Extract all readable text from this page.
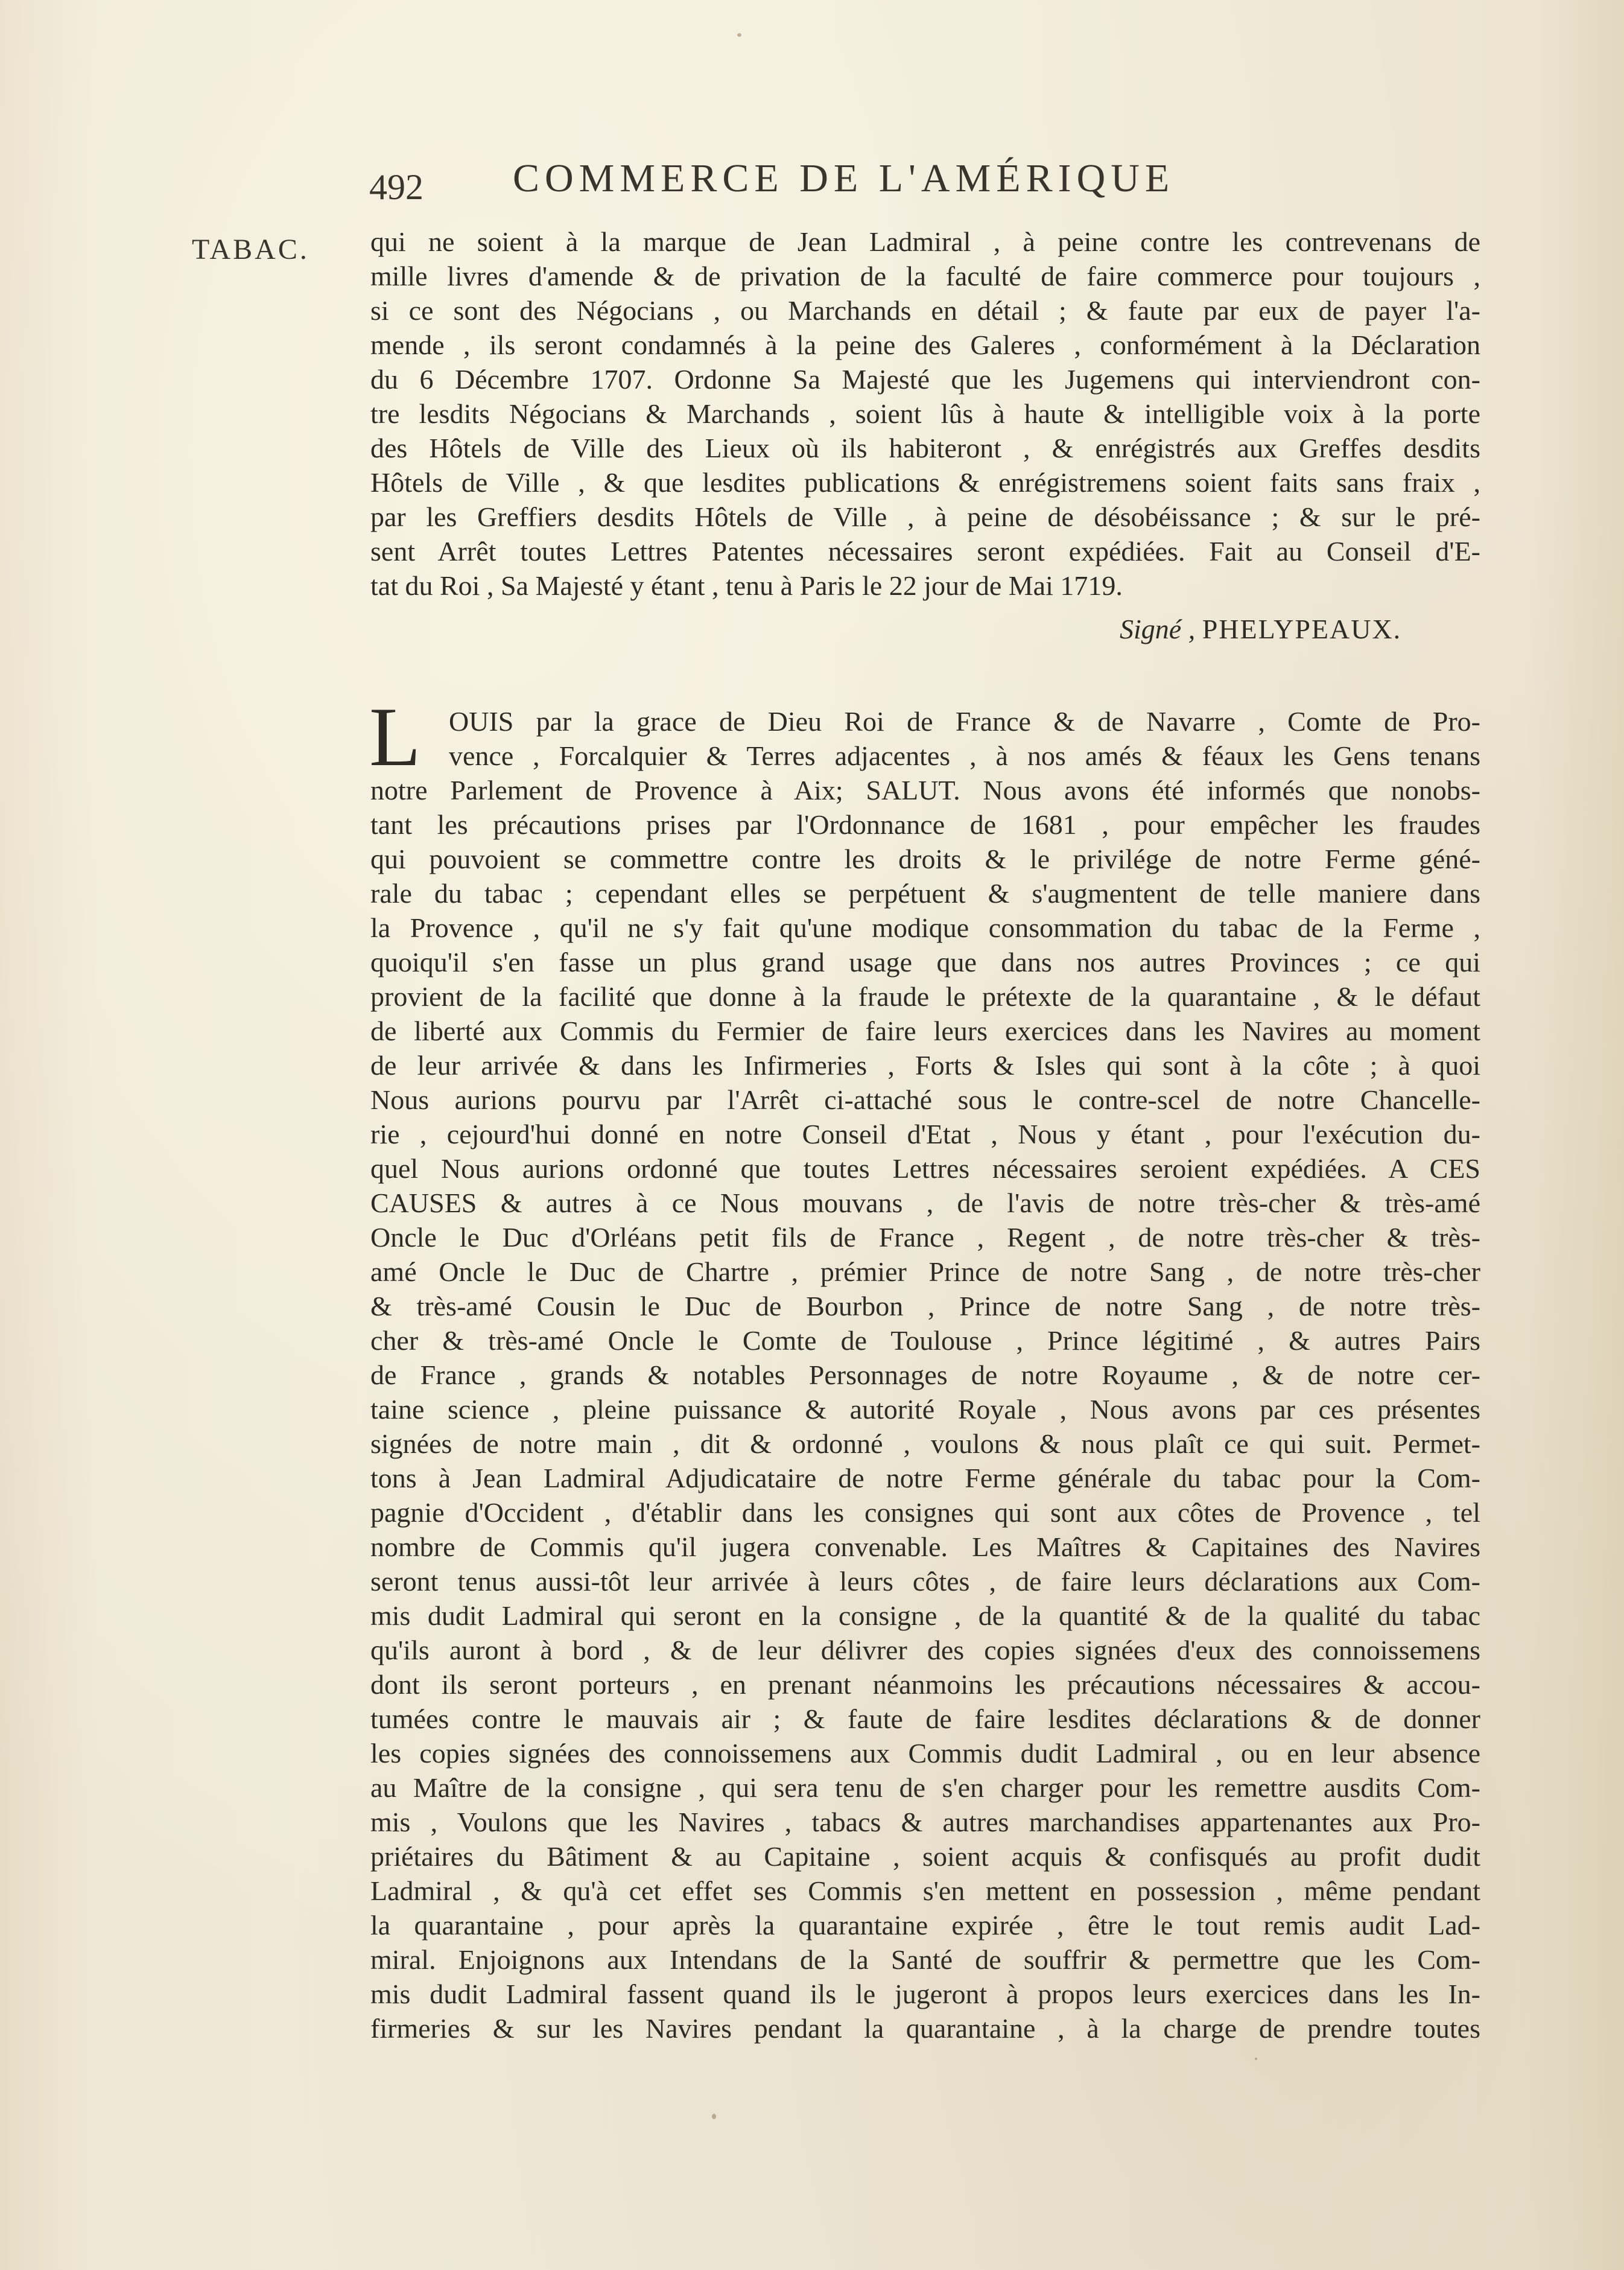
492 COMMERCE DE L'AMÉRIQUE
TABAC. qui ne soient à la marque de Jean Ladmiral , à peine contre les contrevenans de
mille livres d'amende & de privation de la faculté de faire commerce pour toujours ,
si ce sont des Négocians , ou Marchands en détail ; & faute par eux de payer l'a-
mende , ils seront condamnés à la peine des Galeres , conformément à la Déclaration
du 6 Décembre 1707. Ordonne Sa Majesté que les Jugemens qui interviendront con-
tre lesdits Négocians & Marchands , soient lûs à haute & intelligible voix à la porte
des Hôtels de Ville des Lieux où ils habiteront , & enrégistrés aux Greffes desdits
Hôtels de Ville , & que lesdites publications & enrégistremens soient faits sans fraix ,
par les Greffiers desdits Hôtels de Ville , à peine de désobéissance ; & sur le pré-
sent Arrêt toutes Lettres Patentes nécessaires seront expédiées. Fait au Conseil d'E-
tat du Roi , Sa Majesté y étant , tenu à Paris le 22 jour de Mai 1719.
Signé , PHELYPEAUX.
L OUIS par la grace de Dieu Roi de France & de Navarre , Comte de Pro-
vence , Forcalquier & Terres adjacentes , à nos amés & féaux les Gens tenans
notre Parlement de Provence à Aix; SALUT. Nous avons été informés que nonobs-
tant les précautions prises par l'Ordonnance de 1681 , pour empêcher les fraudes
qui pouvoient se commettre contre les droits & le privilége de notre Ferme géné-
rale du tabac ; cependant elles se perpétuent & s'augmentent de telle maniere dans
la Provence , qu'il ne s'y fait qu'une modique consommation du tabac de la Ferme ,
quoiqu'il s'en fasse un plus grand usage que dans nos autres Provinces ; ce qui
provient de la facilité que donne à la fraude le prétexte de la quarantaine , & le défaut
de liberté aux Commis du Fermier de faire leurs exercices dans les Navires au moment
de leur arrivée & dans les Infirmeries , Forts & Isles qui sont à la côte ; à quoi
Nous aurions pourvu par l'Arrêt ci-attaché sous le contre-scel de notre Chancelle-
rie , cejourd'hui donné en notre Conseil d'Etat , Nous y étant , pour l'exécution du-
quel Nous aurions ordonné que toutes Lettres nécessaires seroient expédiées. A CES
CAUSES & autres à ce Nous mouvans , de l'avis de notre très-cher & très-amé
Oncle le Duc d'Orléans petit fils de France , Regent , de notre très-cher & très-
amé Oncle le Duc de Chartre , prémier Prince de notre Sang , de notre très-cher
& très-amé Cousin le Duc de Bourbon , Prince de notre Sang , de notre très-
cher & très-amé Oncle le Comte de Toulouse , Prince légitimé , & autres Pairs
de France , grands & notables Personnages de notre Royaume , & de notre cer-
taine science , pleine puissance & autorité Royale , Nous avons par ces présentes
signées de notre main , dit & ordonné , voulons & nous plaît ce qui suit. Permet-
tons à Jean Ladmiral Adjudicataire de notre Ferme générale du tabac pour la Com-
pagnie d'Occident , d'établir dans les consignes qui sont aux côtes de Provence , tel
nombre de Commis qu'il jugera convenable. Les Maîtres & Capitaines des Navires
seront tenus aussi-tôt leur arrivée à leurs côtes , de faire leurs déclarations aux Com-
mis dudit Ladmiral qui seront en la consigne , de la quantité & de la qualité du tabac
qu'ils auront à bord , & de leur délivrer des copies signées d'eux des connoissemens
dont ils seront porteurs , en prenant néanmoins les précautions nécessaires & accou-
tumées contre le mauvais air ; & faute de faire lesdites déclarations & de donner
les copies signées des connoissemens aux Commis dudit Ladmiral , ou en leur absence
au Maître de la consigne , qui sera tenu de s'en charger pour les remettre ausdits Com-
mis , Voulons que les Navires , tabacs & autres marchandises appartenantes aux Pro-
priétaires du Bâtiment & au Capitaine , soient acquis & confisqués au profit dudit
Ladmiral , & qu'à cet effet ses Commis s'en mettent en possession , même pendant
la quarantaine , pour après la quarantaine expirée , être le tout remis audit Lad-
miral. Enjoignons aux Intendans de la Santé de souffrir & permettre que les Com-
mis dudit Ladmiral fassent quand ils le jugeront à propos leurs exercices dans les In-
firmeries & sur les Navires pendant la quarantaine , à la charge de prendre toutes
